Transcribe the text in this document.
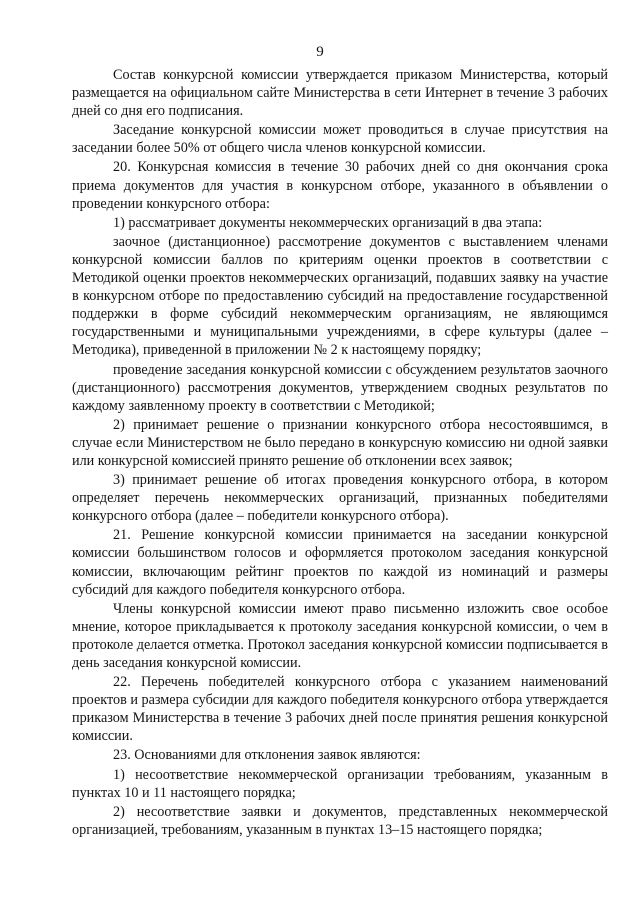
9

Состав конкурсной комиссии утверждается приказом Министерства, который размещается на официальном сайте Министерства в сети Интернет в течение 3 рабочих дней со дня его подписания.

Заседание конкурсной комиссии может проводиться в случае присутствия на заседании более 50% от общего числа членов конкурсной комиссии.

20. Конкурсная комиссия в течение 30 рабочих дней со дня окончания срока приема документов для участия в конкурсном отборе, указанного в объявлении о проведении конкурсного отбора:

1) рассматривает документы некоммерческих организаций в два этапа:

заочное (дистанционное) рассмотрение документов с выставлением членами конкурсной комиссии баллов по критериям оценки проектов в соответствии с Методикой оценки проектов некоммерческих организаций, подавших заявку на участие в конкурсном отборе по предоставлению субсидий на предоставление государственной поддержки в форме субсидий некоммерческим организациям, не являющимся государственными и муниципальными учреждениями, в сфере культуры (далее – Методика), приведенной в приложении № 2 к настоящему порядку;

проведение заседания конкурсной комиссии с обсуждением результатов заочного (дистанционного) рассмотрения документов, утверждением сводных результатов по каждому заявленному проекту в соответствии с Методикой;

2) принимает решение о признании конкурсного отбора несостоявшимся, в случае если Министерством не было передано в конкурсную комиссию ни одной заявки или конкурсной комиссией принято решение об отклонении всех заявок;

3) принимает решение об итогах проведения конкурсного отбора, в котором определяет перечень некоммерческих организаций, признанных победителями конкурсного отбора (далее – победители конкурсного отбора).

21. Решение конкурсной комиссии принимается на заседании конкурсной комиссии большинством голосов и оформляется протоколом заседания конкурсной комиссии, включающим рейтинг проектов по каждой из номинаций и размеры субсидий для каждого победителя конкурсного отбора.

Члены конкурсной комиссии имеют право письменно изложить свое особое мнение, которое прикладывается к протоколу заседания конкурсной комиссии, о чем в протоколе делается отметка. Протокол заседания конкурсной комиссии подписывается в день заседания конкурсной комиссии.

22. Перечень победителей конкурсного отбора с указанием наименований проектов и размера субсидии для каждого победителя конкурсного отбора утверждается приказом Министерства в течение 3 рабочих дней после принятия решения конкурсной комиссии.

23. Основаниями для отклонения заявок являются:

1) несоответствие некоммерческой организации требованиям, указанным в пунктах 10 и 11 настоящего порядка;

2) несоответствие заявки и документов, представленных некоммерческой организацией, требованиям, указанным в пунктах 13–15 настоящего порядка;
